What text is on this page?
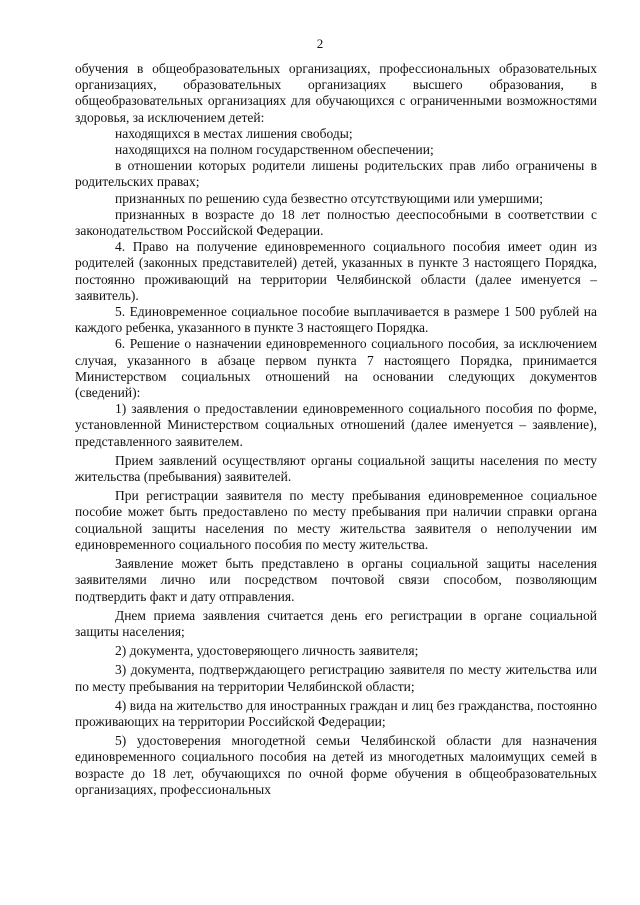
2

обучения в общеобразовательных организациях, профессиональных образовательных организациях, образовательных организациях высшего образования, в общеобразовательных организациях для обучающихся с ограниченными возможностями здоровья, за исключением детей:

находящихся в местах лишения свободы;

находящихся на полном государственном обеспечении;

в отношении которых родители лишены родительских прав либо ограничены в родительских правах;

признанных по решению суда безвестно отсутствующими или умершими;

признанных в возрасте до 18 лет полностью дееспособными в соответствии с законодательством Российской Федерации.

4. Право на получение единовременного социального пособия имеет один из родителей (законных представителей) детей, указанных в пункте 3 настоящего Порядка, постоянно проживающий на территории Челябинской области (далее именуется – заявитель).

5. Единовременное социальное пособие выплачивается в размере 1 500 рублей на каждого ребенка, указанного в пункте 3 настоящего Порядка.

6. Решение о назначении единовременного социального пособия, за исключением случая, указанного в абзаце первом пункта 7 настоящего Порядка, принимается Министерством социальных отношений на основании следующих документов (сведений):

1) заявления о предоставлении единовременного социального пособия по форме, установленной Министерством социальных отношений (далее именуется – заявление), представленного заявителем.

Прием заявлений осуществляют органы социальной защиты населения по месту жительства (пребывания) заявителей.

При регистрации заявителя по месту пребывания единовременное социальное пособие может быть предоставлено по месту пребывания при наличии справки органа социальной защиты населения по месту жительства заявителя о неполучении им единовременного социального пособия по месту жительства.

Заявление может быть представлено в органы социальной защиты населения заявителями лично или посредством почтовой связи способом, позволяющим подтвердить факт и дату отправления.

Днем приема заявления считается день его регистрации в органе социальной защиты населения;

2) документа, удостоверяющего личность заявителя;

3) документа, подтверждающего регистрацию заявителя по месту жительства или по месту пребывания на территории Челябинской области;

4) вида на жительство для иностранных граждан и лиц без гражданства, постоянно проживающих на территории Российской Федерации;

5) удостоверения многодетной семьи Челябинской области для назначения единовременного социального пособия на детей из многодетных малоимущих семей в возрасте до 18 лет, обучающихся по очной форме обучения в общеобразовательных организациях, профессиональных
